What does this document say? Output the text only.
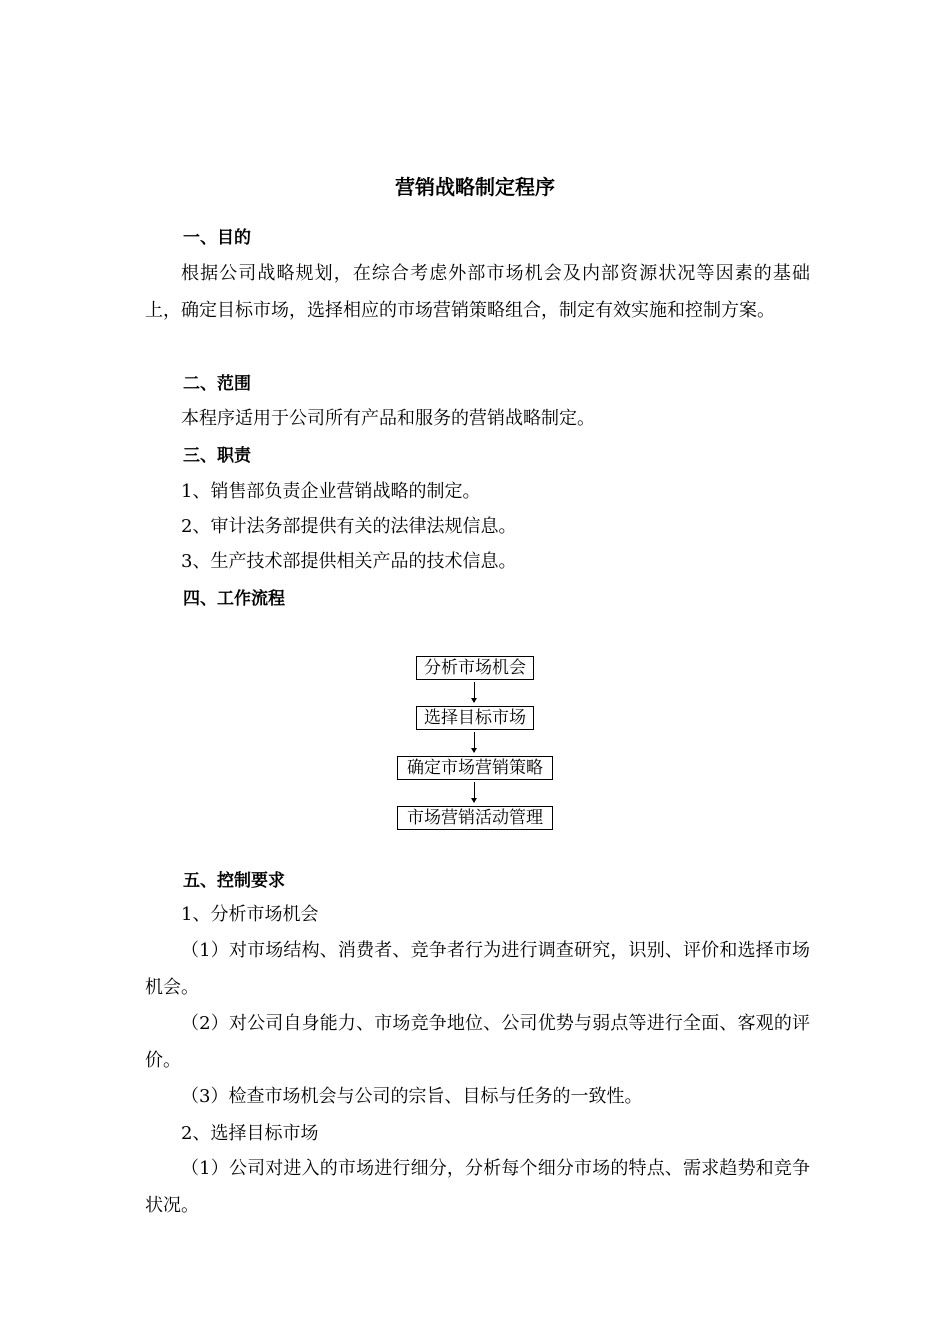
营销战略制定程序
一、目的

根据公司战略规划，在综合考虑外部市场机会及内部资源状况等因素的基础上，确定目标市场，选择相应的市场营销策略组合，制定有效实施和控制方案。

二、范围
本程序适用于公司所有产品和服务的营销战略制定。
三、职责
1、销售部负责企业营销战略的制定。
2、审计法务部提供有关的法律法规信息。
3、生产技术部提供相关产品的技术信息。
四、工作流程
分析市场机会
选择目标市场
确定市场营销策略
市场营销活动管理
五、控制要求
1、分析市场机会

（1）对市场结构、消费者、竞争者行为进行调查研究，识别、评价和选择市场机会。

（2）对公司自身能力、市场竞争地位、公司优势与弱点等进行全面、客观的评价。

（3）检查市场机会与公司的宗旨、目标与任务的一致性。
2、选择目标市场

（1）公司对进入的市场进行细分，分析每个细分市场的特点、需求趋势和竞争状况。
